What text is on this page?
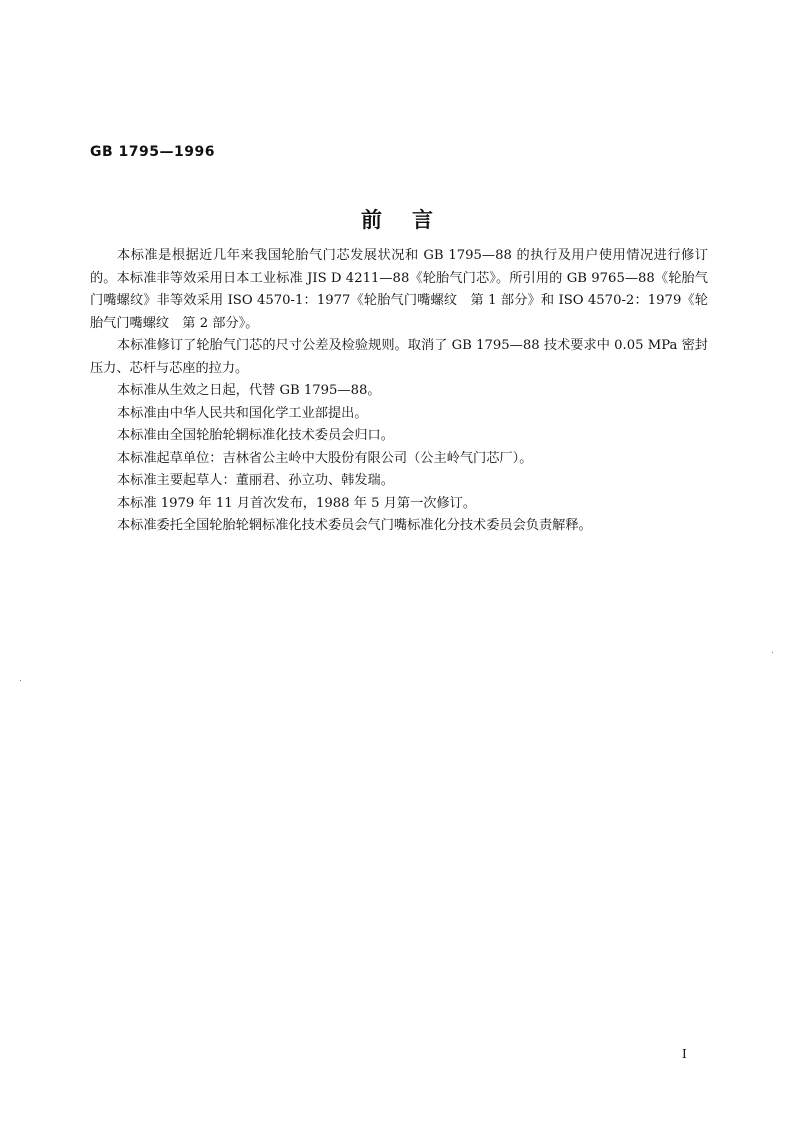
GB 1795—1996
前言

本标准是根据近几年来我国轮胎气门芯发展状况和 GB 1795—88 的执行及用户使用情况进行修订的。本标准非等效采用日本工业标准 JIS D 4211—88《轮胎气门芯》。所引用的 GB 9765—88《轮胎气门嘴螺纹》非等效采用 ISO 4570-1：1977《轮胎气门嘴螺纹　第 1 部分》和 ISO 4570-2：1979《轮胎气门嘴螺纹　第 2 部分》。

本标准修订了轮胎气门芯的尺寸公差及检验规则。取消了 GB 1795—88 技术要求中 0.05 MPa 密封压力、芯杆与芯座的拉力。

本标准从生效之日起，代替 GB 1795—88。

本标准由中华人民共和国化学工业部提出。

本标准由全国轮胎轮辋标准化技术委员会归口。

本标准起草单位：吉林省公主岭中大股份有限公司（公主岭气门芯厂）。

本标准主要起草人：董丽君、孙立功、韩发瑞。

本标准 1979 年 11 月首次发布，1988 年 5 月第一次修订。

本标准委托全国轮胎轮辋标准化技术委员会气门嘴标准化分技术委员会负责解释。

I
